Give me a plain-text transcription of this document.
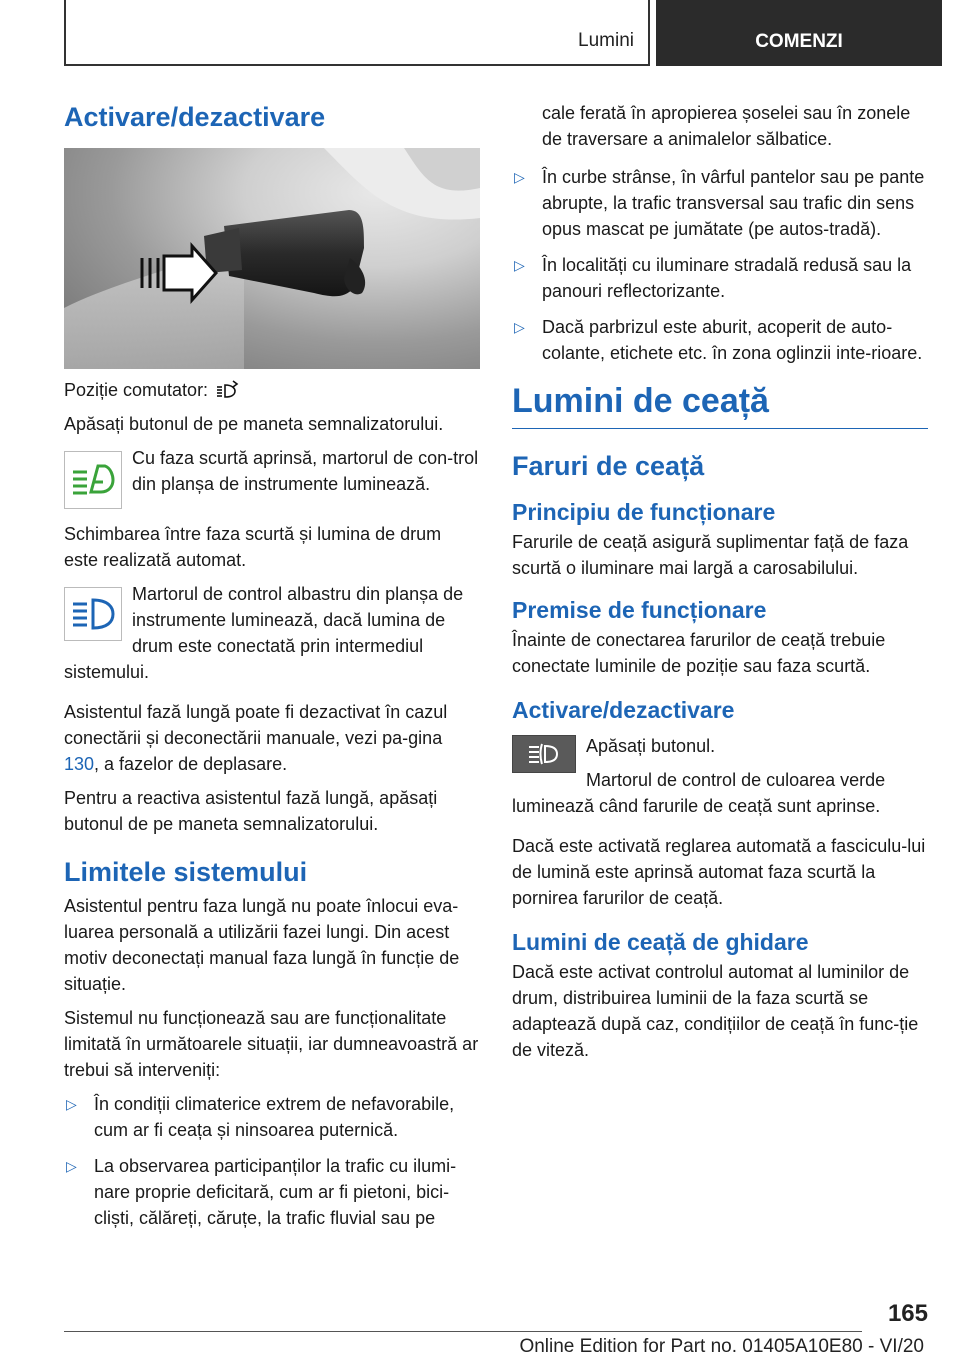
Lumini	COMENZI
Activare/dezactivare

Poziție comutator:

Apăsați butonul de pe maneta semnalizatorului.

Cu faza scurtă aprinsă, martorul de con-trol din planșa de instrumente luminează.

Schimbarea între faza scurtă și lumina de drum este realizată automat.

Martorul de control albastru din planșa de instrumente luminează, dacă lumina de drum este conectată prin intermediul sistemului.

Asistentul fază lungă poate fi dezactivat în cazul conectării și deconectării manuale, vezi pa-gina 130, a fazelor de deplasare.

Pentru a reactiva asistentul fază lungă, apăsați butonul de pe maneta semnalizatorului.

Limitele sistemului

Asistentul pentru faza lungă nu poate înlocui eva-luarea personală a utilizării fazei lungi. Din acest motiv deconectați manual faza lungă în funcție de situație.

Sistemul nu funcționează sau are funcționalitate limitată în următoarele situații, iar dumneavoastră ar trebui să interveniți:

▷ În condiții climaterice extrem de nefavorabile, cum ar fi ceața și ninsoarea puternică.
▷ La observarea participanților la trafic cu ilumi-nare proprie deficitară, cum ar fi pietoni, bici-cliști, călăreți, căruțe, la trafic fluvial sau pe

cale ferată în apropierea șoselei sau în zonele de traversare a animalelor sălbatice.

▷ În curbe strânse, în vârful pantelor sau pe pante abrupte, la trafic transversal sau trafic din sens opus mascat pe jumătate (pe autos-tradă).
▷ În localități cu iluminare stradală redusă sau la panouri reflectorizante.
▷ Dacă parbrizul este aburit, acoperit de auto-colante, etichete etc. în zona oglinzii inte-rioare.
Lumini de ceață
Faruri de ceață
Principiu de funcționare

Farurile de ceață asigură suplimentar față de faza scurtă o iluminare mai largă a carosabilului.

Premise de funcționare

Înainte de conectarea farurilor de ceață trebuie conectate luminile de poziție sau faza scurtă.

Activare/dezactivare

Apăsați butonul.

Martorul de control de culoarea verde luminează când farurile de ceață sunt aprinse.

Dacă este activată reglarea automată a fasciculu-lui de lumină este aprinsă automat faza scurtă la pornirea farurilor de ceață.

Lumini de ceață de ghidare

Dacă este activat controlul automat al luminilor de drum, distribuirea luminii de la faza scurtă se adaptează după caz, condițiilor de ceață în func-ție de viteză.

165
Online Edition for Part no. 01405A10E80 - VI/20
